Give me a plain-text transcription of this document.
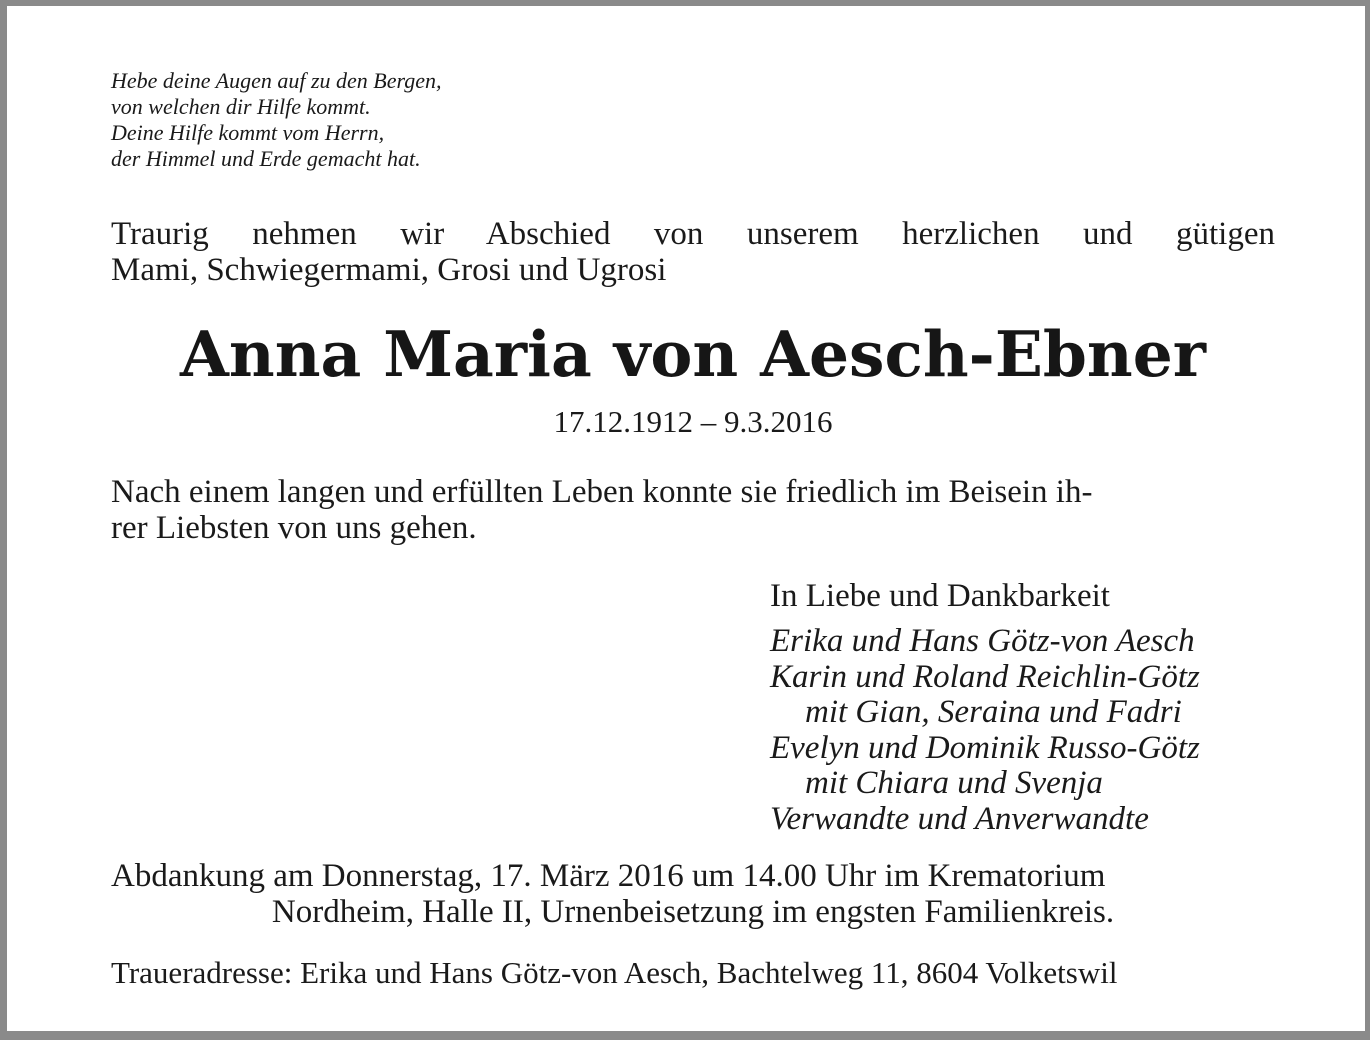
Hebe deine Augen auf zu den Bergen,
von welchen dir Hilfe kommt.
Deine Hilfe kommt vom Herrn,
der Himmel und Erde gemacht hat.
Traurig nehmen wir Abschied von unserem herzlichen und gütigen
Mami, Schwiegermami, Grosi und Ugrosi
Anna Maria von Aesch-Ebner
17.12.1912 – 9.3.2016
Nach einem langen und erfüllten Leben konnte sie friedlich im Beisein ih-
rer Liebsten von uns gehen.
In Liebe und Dankbarkeit
Erika und Hans Götz-von Aesch
Karin und Roland Reichlin-Götz
mit Gian, Seraina und Fadri
Evelyn und Dominik Russo-Götz
mit Chiara und Svenja
Verwandte und Anverwandte
Abdankung am Donnerstag, 17. März 2016 um 14.00 Uhr im Krematorium
Nordheim, Halle II, Urnenbeisetzung im engsten Familienkreis.
Traueradresse: Erika und Hans Götz-von Aesch, Bachtelweg 11, 8604 Volketswil
